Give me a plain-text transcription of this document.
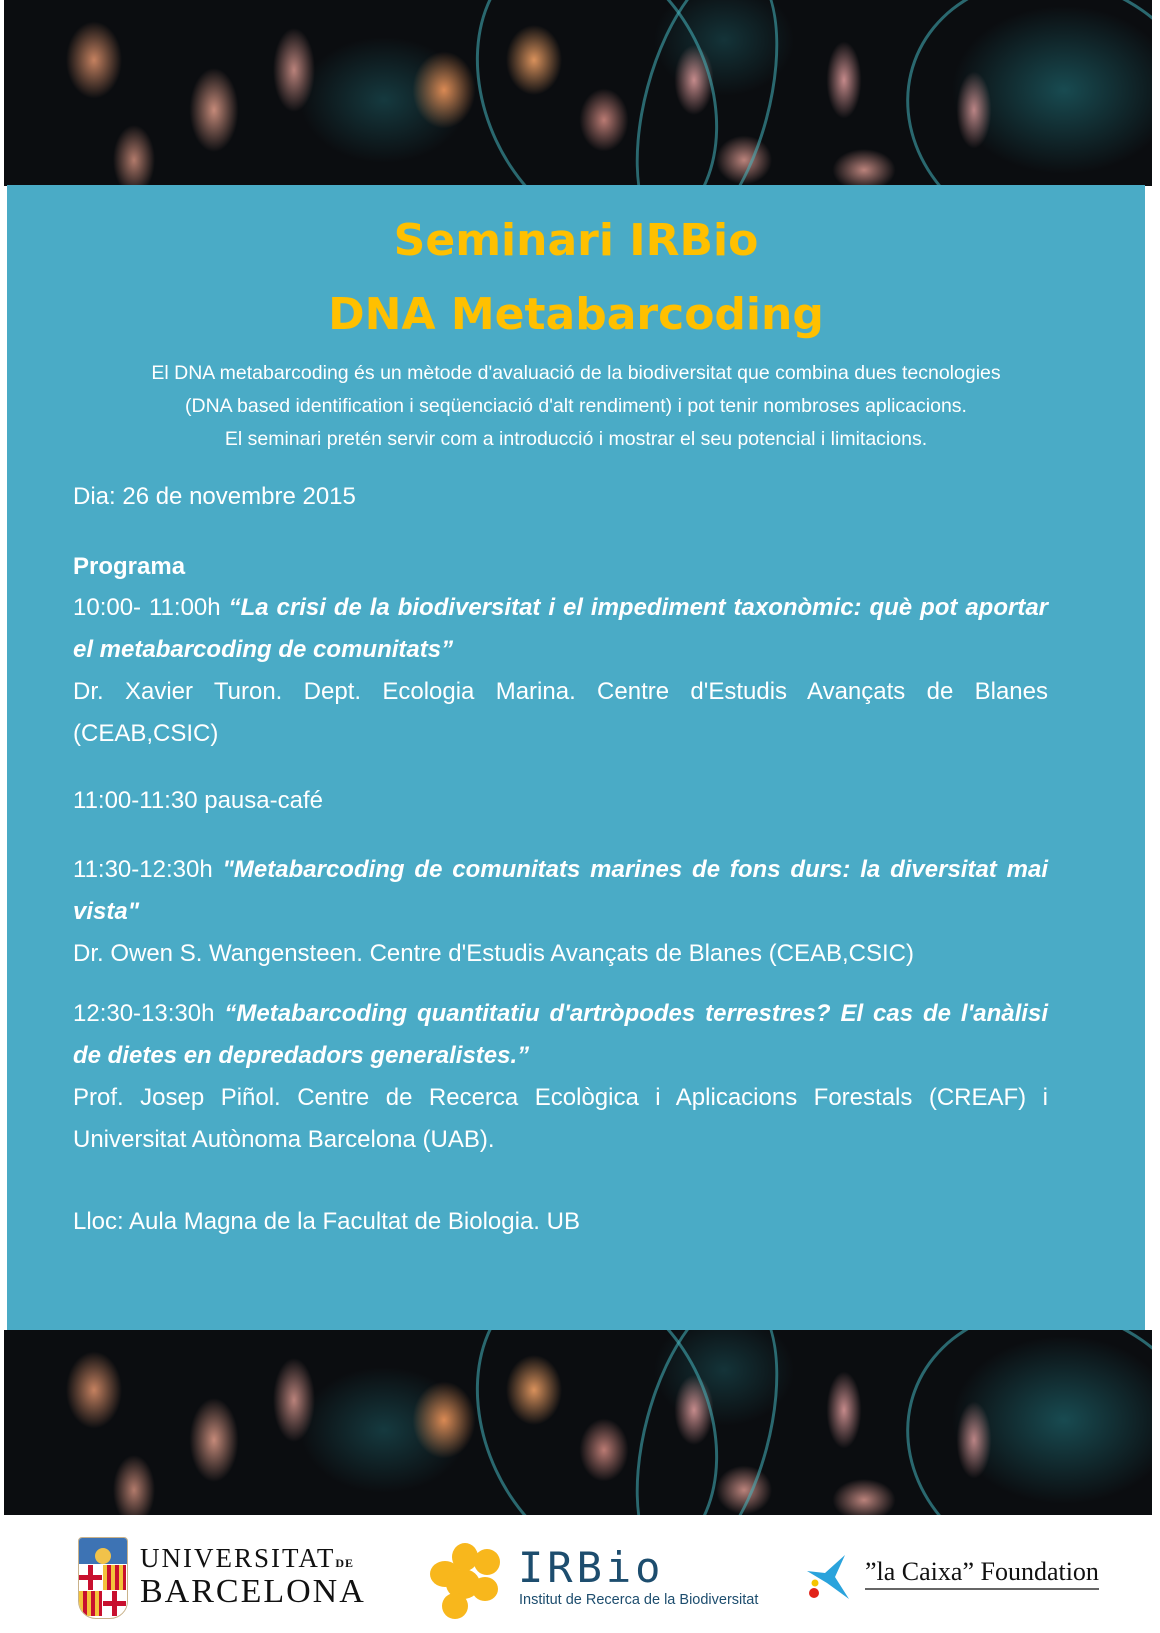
Seminari IRBio
DNA Metabarcoding
El DNA metabarcoding és un mètode d'avaluació de la biodiversitat que combina dues tecnologies
(DNA based identification i seqüenciació d'alt rendiment) i pot tenir nombroses aplicacions.
El seminari pretén servir com a introducció i mostrar el seu potencial i limitacions.
Dia: 26 de novembre 2015
Programa
10:00- 11:00h “La crisi de la biodiversitat i el impediment taxonòmic: què pot aportar el metabarcoding de comunitats”
Dr. Xavier Turon. Dept. Ecologia Marina. Centre d'Estudis Avançats de Blanes (CEAB,CSIC)
11:00-11:30 pausa-café
11:30-12:30h "Metabarcoding de comunitats marines de fons durs: la diversitat mai vista"
Dr. Owen S. Wangensteen. Centre d'Estudis Avançats de Blanes (CEAB,CSIC)
12:30-13:30h “Metabarcoding quantitatiu d'artròpodes terrestres? El cas de l'anàlisi de dietes en depredadors generalistes.”
Prof. Josep Piñol. Centre de Recerca Ecològica i Aplicacions Forestals (CREAF) i Universitat Autònoma Barcelona (UAB).
Lloc: Aula Magna de la Facultat de Biologia. UB
UNIVERSITATDE
BARCELONA	IRBio
Institut de Recerca de la Biodiversitat
”la Caixa” Foundation
